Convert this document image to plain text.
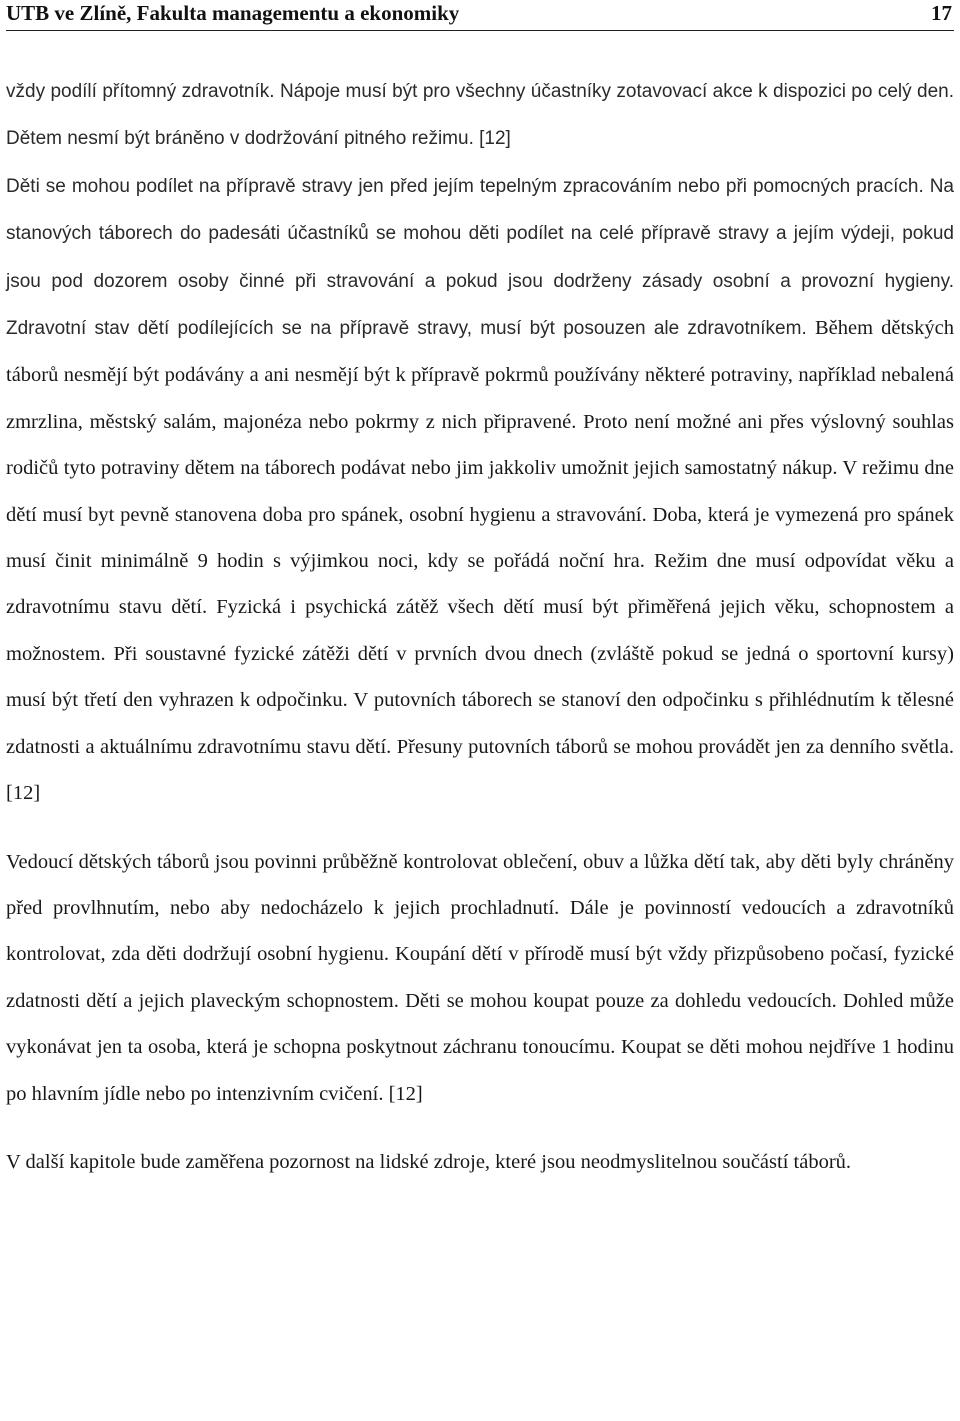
UTB ve Zlíně, Fakulta managementu a ekonomiky	17

vždy podílí přítomný zdravotník. Nápoje musí být pro všechny účastníky zotavovací akce k dispozici po celý den. Dětem nesmí být bráněno v dodržování pitného režimu. [12]

Děti se mohou podílet na přípravě stravy jen před jejím tepelným zpracováním nebo při pomocných pracích. Na stanových táborech do padesáti účastníků se mohou děti podílet na celé přípravě stravy a jejím výdeji, pokud jsou pod dozorem osoby činné při stravování a pokud jsou dodrženy zásady osobní a provozní hygieny. Zdravotní stav dětí podílejících se na přípravě stravy, musí být posouzen ale zdravotníkem. Během dětských táborů nesmějí být podávány a ani nesmějí být k přípravě pokrmů používány některé potraviny, například nebalená zmrzlina, městský salám, majonéza nebo pokrmy z nich připravené. Proto není možné ani přes výslovný souhlas rodičů tyto potraviny dětem na táborech podávat nebo jim jakkoliv umožnit jejich samostatný nákup. V režimu dne dětí musí byt pevně stanovena doba pro spánek, osobní hygienu a stravování. Doba, která je vymezená pro spánek musí činit minimálně 9 hodin s výjimkou noci, kdy se pořádá noční hra. Režim dne musí odpovídat věku a zdravotnímu stavu dětí. Fyzická i psychická zátěž všech dětí musí být přiměřená jejich věku, schopnostem a možnostem. Při soustavné fyzické zátěži dětí v prvních dvou dnech (zvláště pokud se jedná o sportovní kursy) musí být třetí den vyhrazen k odpočinku. V putovních táborech se stanoví den odpočinku s přihlédnutím k tělesné zdatnosti a aktuálnímu zdravotnímu stavu dětí. Přesuny putovních táborů se mohou provádět jen za denního světla. [12]

Vedoucí dětských táborů jsou povinni průběžně kontrolovat oblečení, obuv a lůžka dětí tak, aby děti byly chráněny před provlhnutím, nebo aby nedocházelo k jejich prochladnutí. Dále je povinností vedoucích a zdravotníků kontrolovat, zda děti dodržují osobní hygienu. Koupání dětí v přírodě musí být vždy přizpůsobeno počasí, fyzické zdatnosti dětí a jejich plaveckým schopnostem. Děti se mohou koupat pouze za dohledu vedoucích. Dohled může vykonávat jen ta osoba, která je schopna poskytnout záchranu tonoucímu. Koupat se děti mohou nejdříve 1 hodinu po hlavním jídle nebo po intenzivním cvičení. [12]

V další kapitole bude zaměřena pozornost na lidské zdroje, které jsou neodmyslitelnou součástí táborů.
